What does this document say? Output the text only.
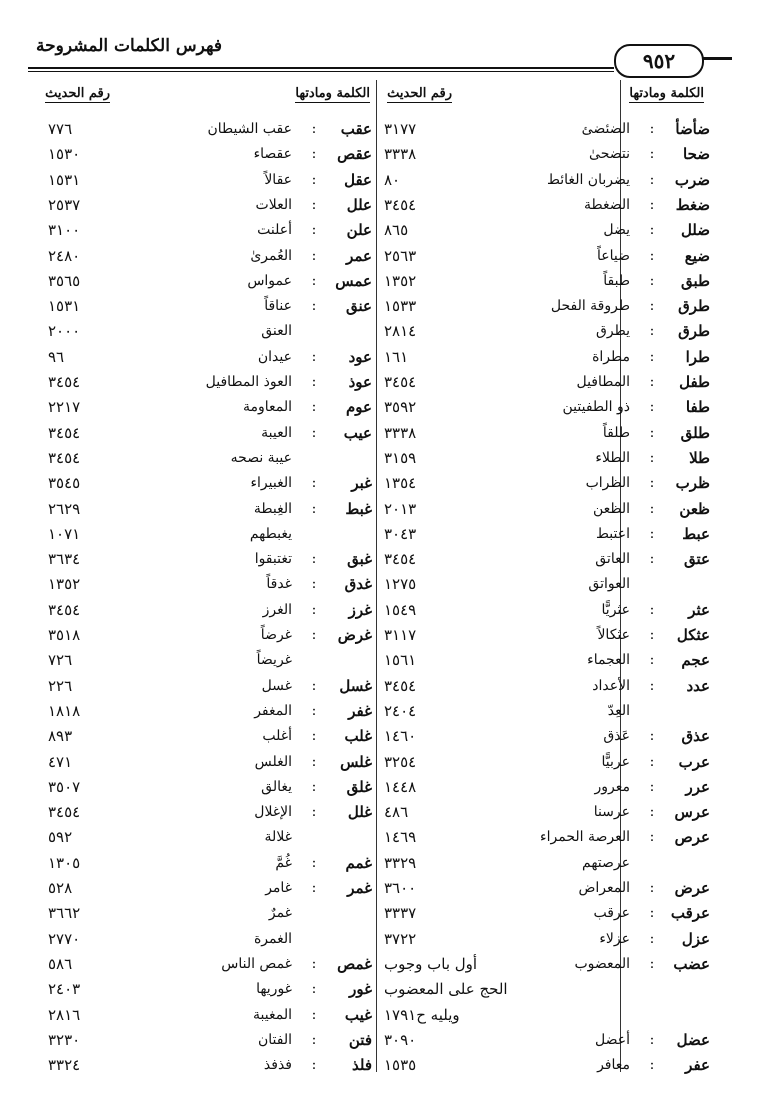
فهرس الكلمات المشروحة
٩٥٢
رقم الحديث	الكلمة ومادتها رقم الحديث	الكلمة ومادتها
ضأضأ
:
الضئضئ
٣١٧٧
ضحا
:
نتضحىٰ
٣٣٣٨
ضرب
:
يضربان الغائط
٨٠
ضغط
:
الضغطة
٣٤٥٤
ضلل
:
يضل
٨٦٥
ضيع
:
ضياعاً
٢٥٦٣
طبق
:
طبقاً
١٣٥٢
طرق
:
طروقة الفحل
١٥٣٣
طرق
:
يطرق
٢٨١٤
طرا
:
مطراة
١٦١
طفل
:
المطافيل
٣٤٥٤
طفا
:
ذو الطفيتين
٣٥٩٢
طلق
:
طلقاً
٣٣٣٨
طلا
:
الطلاء
٣١٥٩
ظرب
:
الظراب
١٣٥٤
ظعن
:
الظعن
٢٠١٣
عبط
:
اعتبط
٣٠٤٣
عتق
:
العاتق
٣٤٥٤
العواتق
١٢٧٥
عثر
:
عثريًّا
١٥٤٩
عثكل
:
عثكالاً
٣١١٧
عجم
:
العجماء
١٥٦١
عدد
:
الأعداد
٣٤٥٤
العِدّ
٢٤٠٤
عذق
:
عَذق
١٤٦٠
عرب
:
عربيًّا
٣٢٥٤
عرر
:
معرور
١٤٤٨
عرس
:
عرسنا
٤٨٦
عرص
:
العرصة الحمراء
١٤٦٩
عرصتهم
٣٣٢٩
عرض
:
المعراض
٣٦٠٠
عرقب
:
عرقب
٣٣٣٧
عزل
:
عزلاء
٣٧٢٢
عضب
:
المعضوب
أول باب وجوب
الحج على المعضوب
ويليه ح١٧٩١
عضل
:
أعضل
٣٠٩٠
عفر
:
معافر
١٥٣٥
عقب
:
عقب الشيطان
٧٧٦
عقص
:
عقصاء
١٥٣٠
عقل
:
عقالاً
١٥٣١
علل
:
العلات
٢٥٣٧
علن
:
أعلنت
٣١٠٠
عمر
:
العُمرىٰ
٢٤٨٠
عمس
:
عمواس
٣٥٦٥
عنق
:
عناقاً
١٥٣١
العنق
٢٠٠٠
عود
:
عيدان
٩٦
عوذ
:
العوذ المطافيل
٣٤٥٤
عوم
:
المعاومة
٢٢١٧
عيب
:
العيبة
٣٤٥٤
عيبة نصحه
٣٤٥٤
غبر
:
الغبيراء
٣٥٤٥
غبط
:
الغِبطة
٢٦٢٩
يغبطهم
١٠٧١
غبق
:
تغتبقوا
٣٦٣٤
غدق
:
غدقاً
١٣٥٢
غرز
:
الغرز
٣٤٥٤
غرض
:
غرضاً
٣٥١٨
غريضاً
٧٢٦
غسل
:
غسل
٢٢٦
غفر
:
المغفر
١٨١٨
غلب
:
أغلب
٨٩٣
غلس
:
الغلس
٤٧١
غلق
:
يغالق
٣٥٠٧
غلل
:
الإغلال
٣٤٥٤
غلالة
٥٩٢
غمم
:
غُمَّ
١٣٠٥
غمر
:
غامر
٥٢٨
غمرٌ
٣٦٦٢
الغمرة
٢٧٧٠
غمص
:
غمص الناس
٥٨٦
غور
:
غوريها
٢٤٠٣
غيب
:
المغيبة
٢٨١٦
فتن
:
الفتان
٣٢٣٠
فلذ
:
فذفذ
٣٣٢٤
